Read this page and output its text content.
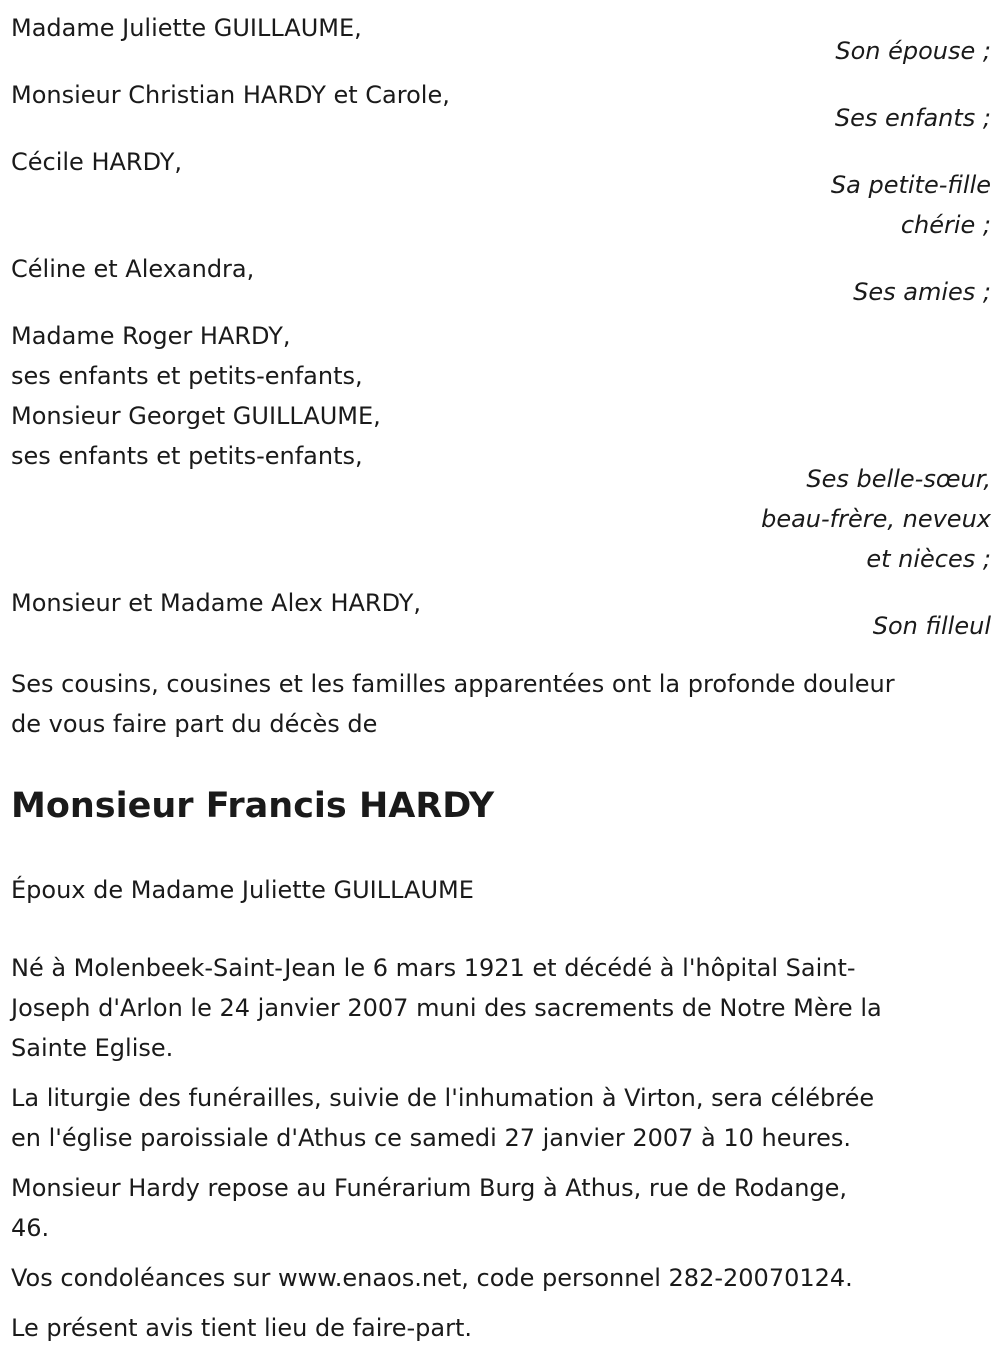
Madame Juliette GUILLAUME,
Son épouse ;
Monsieur Christian HARDY et Carole,
Ses enfants ;
Cécile HARDY,
Sa petite-fille
chérie ;
Céline et Alexandra,
Ses amies ;
Madame Roger HARDY,
ses enfants et petits-enfants,
Monsieur Georget GUILLAUME,
ses enfants et petits-enfants,
Ses belle-sœur,
beau-frère, neveux
et nièces ;
Monsieur et Madame Alex HARDY,
Son filleul

Ses cousins, cousines et les familles apparentées ont la profonde douleur
de vous faire part du décès de

Monsieur Francis HARDY

Époux de Madame Juliette GUILLAUME

Né à Molenbeek-Saint-Jean le 6 mars 1921 et décédé à l'hôpital Saint-
Joseph d'Arlon le 24 janvier 2007 muni des sacrements de Notre Mère la
Sainte Eglise.

La liturgie des funérailles, suivie de l'inhumation à Virton, sera célébrée
en l'église paroissiale d'Athus ce samedi 27 janvier 2007 à 10 heures.

Monsieur Hardy repose au Funérarium Burg à Athus, rue de Rodange,
46.

Vos condoléances sur www.enaos.net, code personnel 282-20070124.

Le présent avis tient lieu de faire-part.
